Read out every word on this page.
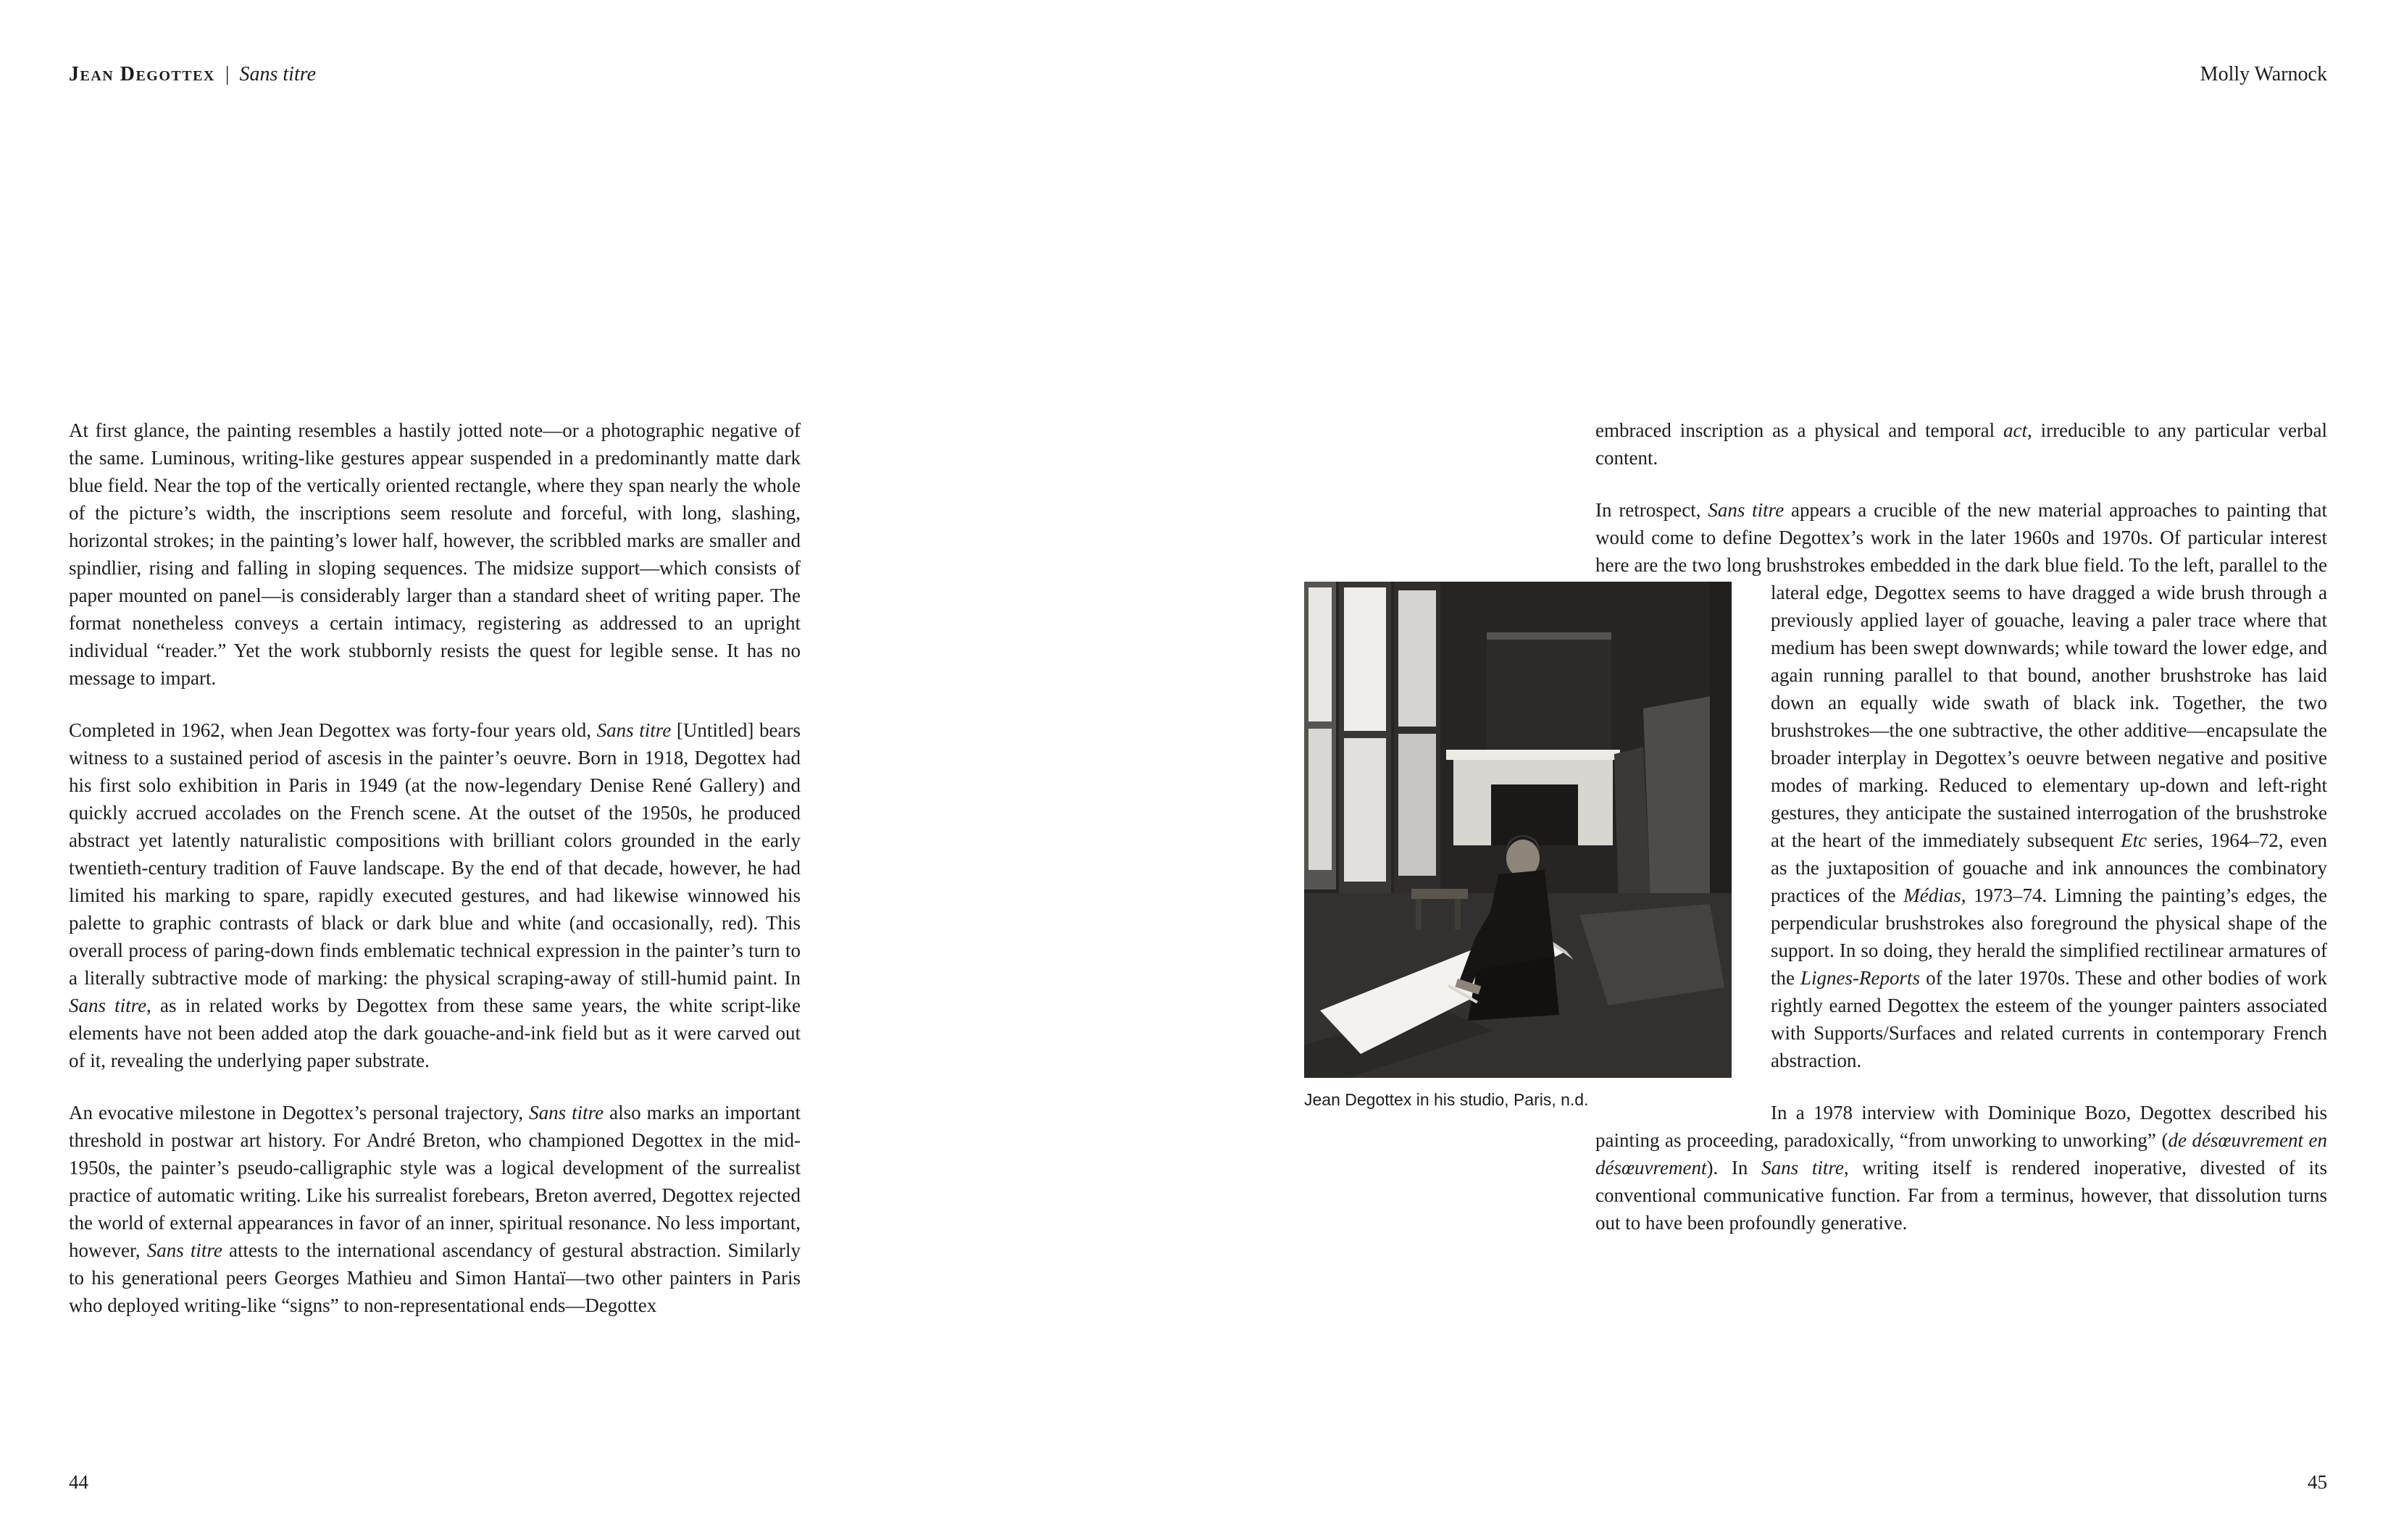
Jean Degottex | Sans titre

At first glance, the painting resembles a hastily jotted note—or a photographic negative of the same. Luminous, writing-like gestures appear suspended in a predominantly matte dark blue field. Near the top of the vertically oriented rectangle, where they span nearly the whole of the picture’s width, the inscriptions seem resolute and forceful, with long, slashing, horizontal strokes; in the painting’s lower half, however, the scribbled marks are smaller and spindlier, rising and falling in sloping sequences. The midsize support—which consists of paper mounted on panel—is considerably larger than a standard sheet of writing paper. The format nonetheless conveys a certain intimacy, registering as addressed to an upright individual “reader.” Yet the work stubbornly resists the quest for legible sense. It has no message to impart.

Completed in 1962, when Jean Degottex was forty-four years old, Sans titre [Untitled] bears witness to a sustained period of ascesis in the painter’s oeuvre. Born in 1918, Degottex had his first solo exhibition in Paris in 1949 (at the now-legendary Denise René Gallery) and quickly accrued accolades on the French scene. At the outset of the 1950s, he produced abstract yet latently naturalistic compositions with brilliant colors grounded in the early twentieth-century tradition of Fauve landscape. By the end of that decade, however, he had limited his marking to spare, rapidly executed gestures, and had likewise winnowed his palette to graphic contrasts of black or dark blue and white (and occasionally, red). This overall process of paring-down finds emblematic technical expression in the painter’s turn to a literally subtractive mode of marking: the physical scraping-away of still-humid paint. In Sans titre, as in related works by Degottex from these same years, the white script-like elements have not been added atop the dark gouache-and-ink field but as it were carved out of it, revealing the underlying paper substrate.

An evocative milestone in Degottex’s personal trajectory, Sans titre also marks an important threshold in postwar art history. For André Breton, who championed Degottex in the mid-1950s, the painter’s pseudo-calligraphic style was a logical development of the surrealist practice of automatic writing. Like his surrealist forebears, Breton averred, Degottex rejected the world of external appearances in favor of an inner, spiritual resonance. No less important, however, Sans titre attests to the international ascendancy of gestural abstraction. Similarly to his generational peers Georges Mathieu and Simon Hantaï—two other painters in Paris who deployed writing-like “signs” to non-representational ends—Degottex

44
Molly Warnock

embraced inscription as a physical and temporal act, irreducible to any particular verbal content.

In retrospect, Sans titre appears a crucible of the new material approaches to painting that would come to define Degottex’s work in the later 1960s and 1970s. Of particular interest here are the two long brushstrokes embedded in the dark blue field. To the left, parallel to the lateral edge, Degottex seems to have dragged a wide brush through
Jean Degottex in his studio, Paris, n.d.
a previously applied layer of gouache, leaving a paler trace where that medium has been swept downwards; while toward the lower edge, and again running parallel to that bound, another brushstroke has laid down an equally wide swath of black ink. Together, the two brushstrokes—the one subtractive, the other additive—encapsulate the broader interplay in Degottex’s oeuvre between negative and positive modes of marking. Reduced to elementary up-down and left-right gestures, they anticipate the sustained interrogation of the brushstroke at the heart of the immediately subsequent Etc series, 1964–72, even as the juxtaposition of gouache and ink announces the combinatory practices of the Médias, 1973–74. Limning the painting’s edges, the perpendicular brushstrokes also foreground the physical shape of the support. In so doing, they herald the simplified rectilinear armatures of the Lignes-Reports of the later 1970s. These and other bodies of work rightly earned Degottex the esteem of the younger painters associated with Supports/Surfaces and related currents in contemporary French abstraction.

In a 1978 interview with Dominique Bozo, Degottex described his painting as proceeding, paradoxically, “from unworking to unworking” (de désœuvrement en désœuvrement). In Sans titre, writing itself is rendered inoperative, divested of its conventional communicative function. Far from a terminus, however, that dissolution turns out to have been profoundly generative.

45
